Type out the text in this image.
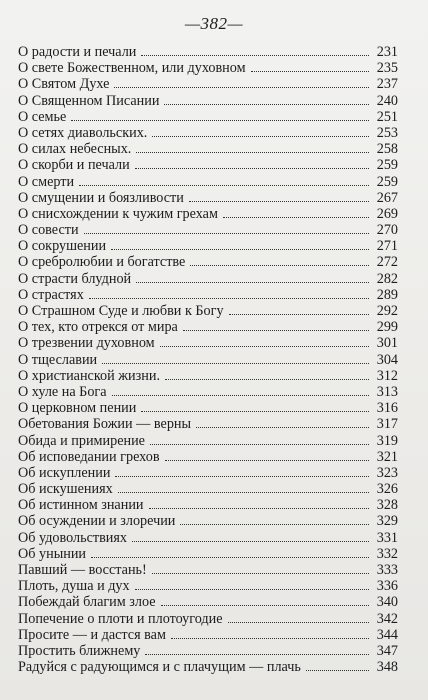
—382—
О радости и печали	231
О свете Божественном, или духовном	235
О Святом Духе	237
О Священном Писании	240
О семье	251
О сетях диавольских.	253
О силах небесных.	258
О скорби и печали	259
О смерти	259
О смущении и боязливости	267
О снисхождении к чужим грехам	269
О совести	270
О сокрушении	271
О сребролюбии и богатстве	272
О страсти блудной	282
О страстях	289
О Страшном Суде и любви к Богу	292
О тех, кто отрекся от мира	299
О трезвении духовном	301
О тщеславии	304
О христианской жизни.	312
О хуле на Бога	313
О церковном пении	316
Обетования Божии — верны	317
Обида и примирение	319
Об исповедании грехов	321
Об искуплении	323
Об искушениях	326
Об истинном знании	328
Об осуждении и злоречии	329
Об удовольствиях	331
Об унынии	332
Павший — восстань!	333
Плоть, душа и дух	336
Побеждай благим злое	340
Попечение о плоти и плотоугодие	342
Просите — и дастся вам	344
Простить ближнему	347
Радуйся с радующимся и с плачущим — плачь	348
